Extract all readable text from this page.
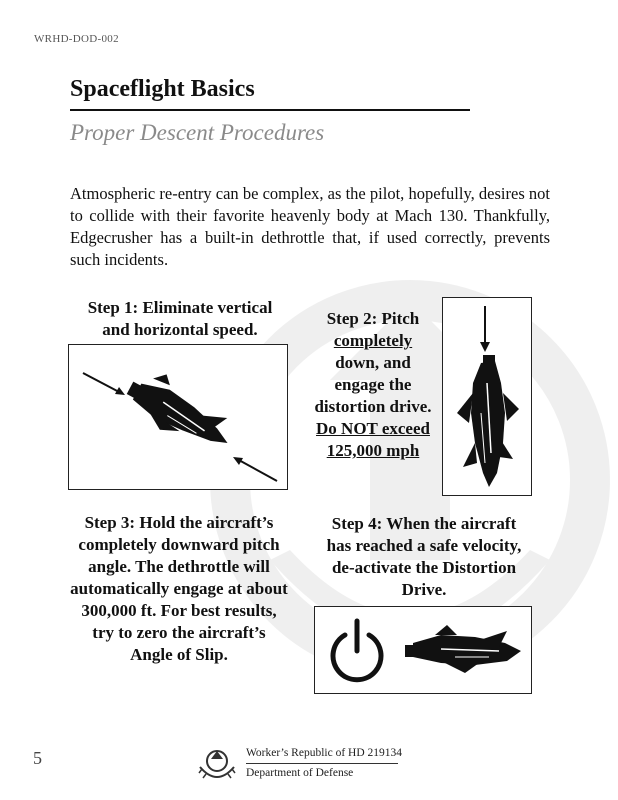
WRHD-DOD-002
Spaceflight Basics
Proper Descent Procedures
Atmospheric re-entry can be complex, as the pilot, hopefully, desires not to collide with their favorite heavenly body at Mach 130. Thankfully, Edgecrusher has a built-in dethrottle that, if used correctly, prevents such incidents.
Step 1: Eliminate vertical and horizontal speed.
Step 2: Pitch completely down, and engage the distortion drive. Do NOT exceed 125,000 mph
Step 3: Hold the aircraft’s completely downward pitch angle. The dethrottle will automatically engage at about 300,000 ft. For best results, try to zero the aircraft’s Angle of Slip.
Step 4: When the aircraft has reached a safe velocity, de-activate the Distortion Drive.
5	Worker’s Republic of HD 219134
Department of Defense
